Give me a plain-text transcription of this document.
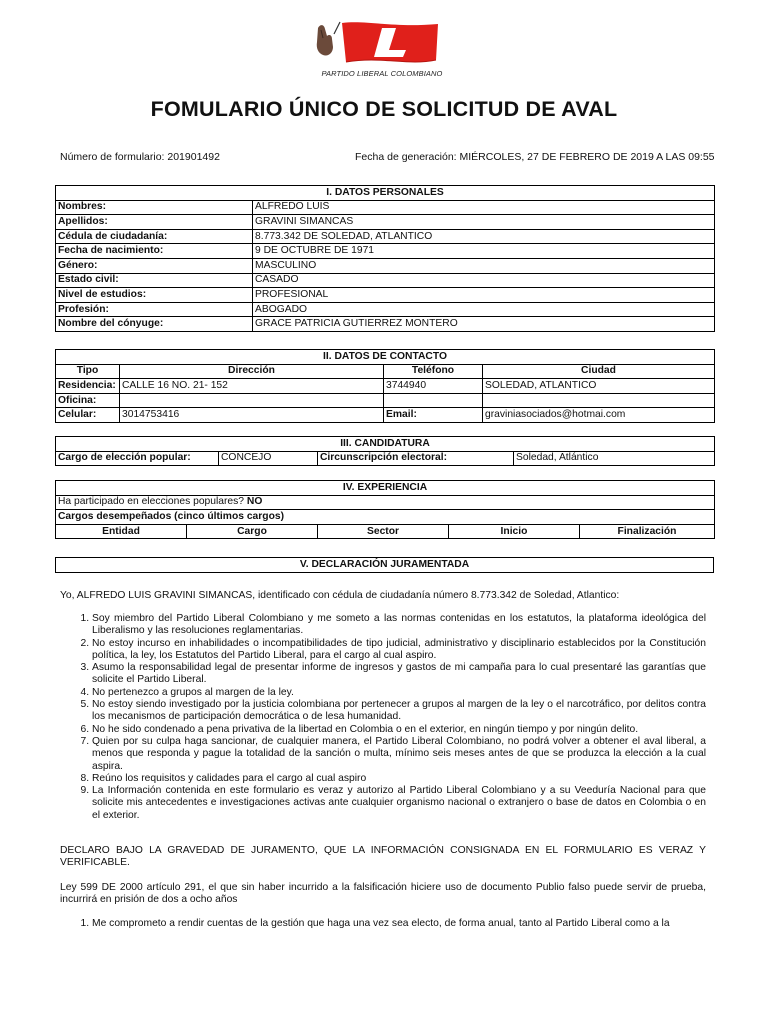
PARTIDO LIBERAL COLOMBIANO
FOMULARIO ÚNICO DE SOLICITUD DE AVAL
Número de formulario: 201901492	Fecha de generación: MIÉRCOLES, 27 DE FEBRERO DE 2019 A LAS 09:55
I. DATOS PERSONALES	
Nombres:	ALFREDO LUIS
Apellidos:	GRAVINI SIMANCAS
Cédula de ciudadanía:	8.773.342 DE SOLEDAD, ATLANTICO
Fecha de nacimiento:	9 DE OCTUBRE DE 1971
Género:	MASCULINO
Estado civil:	CASADO
Nivel de estudios:	PROFESIONAL
Profesión:	ABOGADO
Nombre del cónyuge:	GRACE PATRICIA GUTIERREZ MONTERO
II. DATOS DE CONTACTO			
Tipo	Dirección	Teléfono	Ciudad
Residencia:	CALLE 16 NO. 21- 152	3744940	SOLEDAD, ATLANTICO
Oficina:			
Celular:	3014753416	Email:	graviniasociados@hotmai.com
III. CANDIDATURA
Cargo de elección popular:	CONCEJO	Circunscripción electoral:	Soledad, Atlántico
IV. EXPERIENCIA
Ha participado en elecciones populares? NO
Cargos desempeñados (cinco últimos cargos)
Entidad	Cargo	Sector	Inicio	Finalización
V. DECLARACIÓN JURAMENTADA
Yo, ALFREDO LUIS GRAVINI SIMANCAS, identificado con cédula de ciudadanía número 8.773.342 de Soledad, Atlantico:
1. Soy miembro del Partido Liberal Colombiano y me someto a las normas contenidas en los estatutos, la plataforma ideológica del Liberalismo y las resoluciones reglamentarias.
2. No estoy incurso en inhabilidades o incompatibilidades de tipo judicial, administrativo y disciplinario establecidos por la Constitución política, la ley, los Estatutos del Partido Liberal, para el cargo al cual aspiro.
3. Asumo la responsabilidad legal de presentar informe de ingresos y gastos de mi campaña para lo cual presentaré las garantías que solicite el Partido Liberal.
4. No pertenezco a grupos al margen de la ley.
5. No estoy siendo investigado por la justicia colombiana por pertenecer a grupos al margen de la ley o el narcotráfico, por delitos contra los mecanismos de participación democrática o de lesa humanidad.
6. No he sido condenado a pena privativa de la libertad en Colombia o en el exterior, en ningún tiempo y por ningún delito.
7. Quien por su culpa haga sancionar, de cualquier manera, el Partido Liberal Colombiano, no podrá volver a obtener el aval liberal, a menos que responda y pague la totalidad de la sanción o multa, mínimo seis meses antes de que se produzca la elección a la cual aspira.
8. Reúno los requisitos y calidades para el cargo al cual aspiro
9. La Información contenida en este formulario es veraz y autorizo al Partido Liberal Colombiano y a su Veeduría Nacional para que solicite mis antecedentes e investigaciones activas ante cualquier organismo nacional o extranjero o base de datos en Colombia o en el exterior.
DECLARO BAJO LA GRAVEDAD DE JURAMENTO, QUE LA INFORMACIÓN CONSIGNADA EN EL FORMULARIO ES VERAZ Y VERIFICABLE.
Ley 599 DE 2000 artículo 291, el que sin haber incurrido a la falsificación hiciere uso de documento Publio falso puede servir de prueba, incurrirá en prisión de dos a ocho años
1. Me comprometo a rendir cuentas de la gestión que haga una vez sea electo, de forma anual, tanto al Partido Liberal como a la
